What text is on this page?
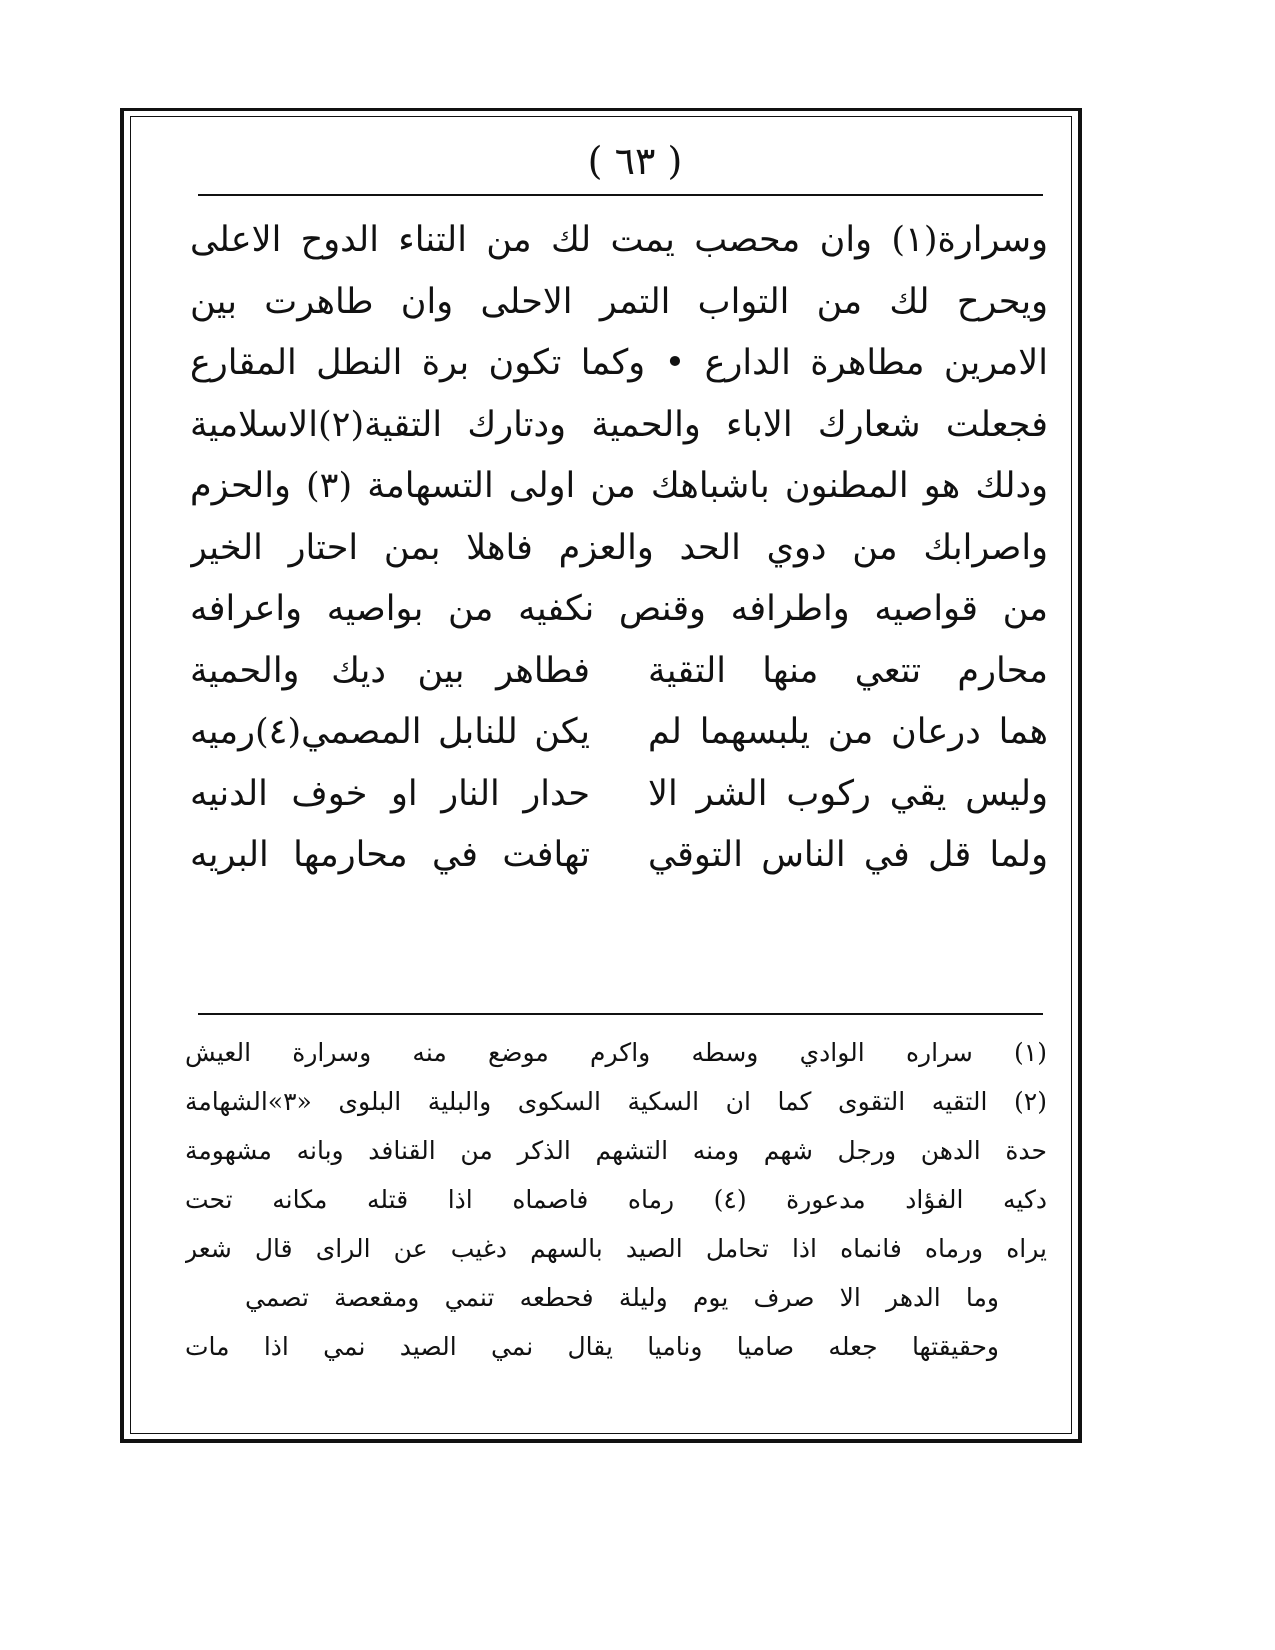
( ٦٣ )
وسرارة(١) وان محصب يمت لك من التناء الدوح الاعلى
ويحرح لك من التواب التمر الاحلى وان طاهرت بين
الامرين مطاهرة الدارع • وكما تكون برة النطل المقارع
فجعلت شعارك الاباء والحمية ودتارك التقية(٢)الاسلامية
ودلك هو المطنون باشباهك من اولى التسهامة (٣) والحزم
واصرابك من دوي الحد والعزم فاهلا بمن احتار الخير
من قواصيه واطرافه وقنص نكفيه من بواصيه واعرافه
محارم تتعي منها التقية
فطاهر بين ديك والحمية
هما درعان من يلبسهما لم
يكن للنابل المصمي(٤)رميه
وليس يقي ركوب الشر الا
حدار النار او خوف الدنيه
ولما قل في الناس التوقي
تهافت في محارمها البريه
(١) سراره الوادي وسطه واكرم موضع منه وسرارة العيش
(٢) التقيه التقوى كما ان السكية السكوى والبلية البلوى «٣»الشهامة
حدة الدهن ورجل شهم ومنه التشهم الذكر من القنافد وبانه مشهومة
دكيه الفؤاد مدعورة (٤) رماه فاصماه اذا قتله مكانه تحت
يراه ورماه فانماه اذا تحامل الصيد بالسهم دغيب عن الراى قال شعر
وما الدهر الا صرف يوم وليلة فحطعه تنمي ومقعصة تصمي
وحقيقتها جعله صاميا وناميا يقال نمي الصيد نمي اذا مات
